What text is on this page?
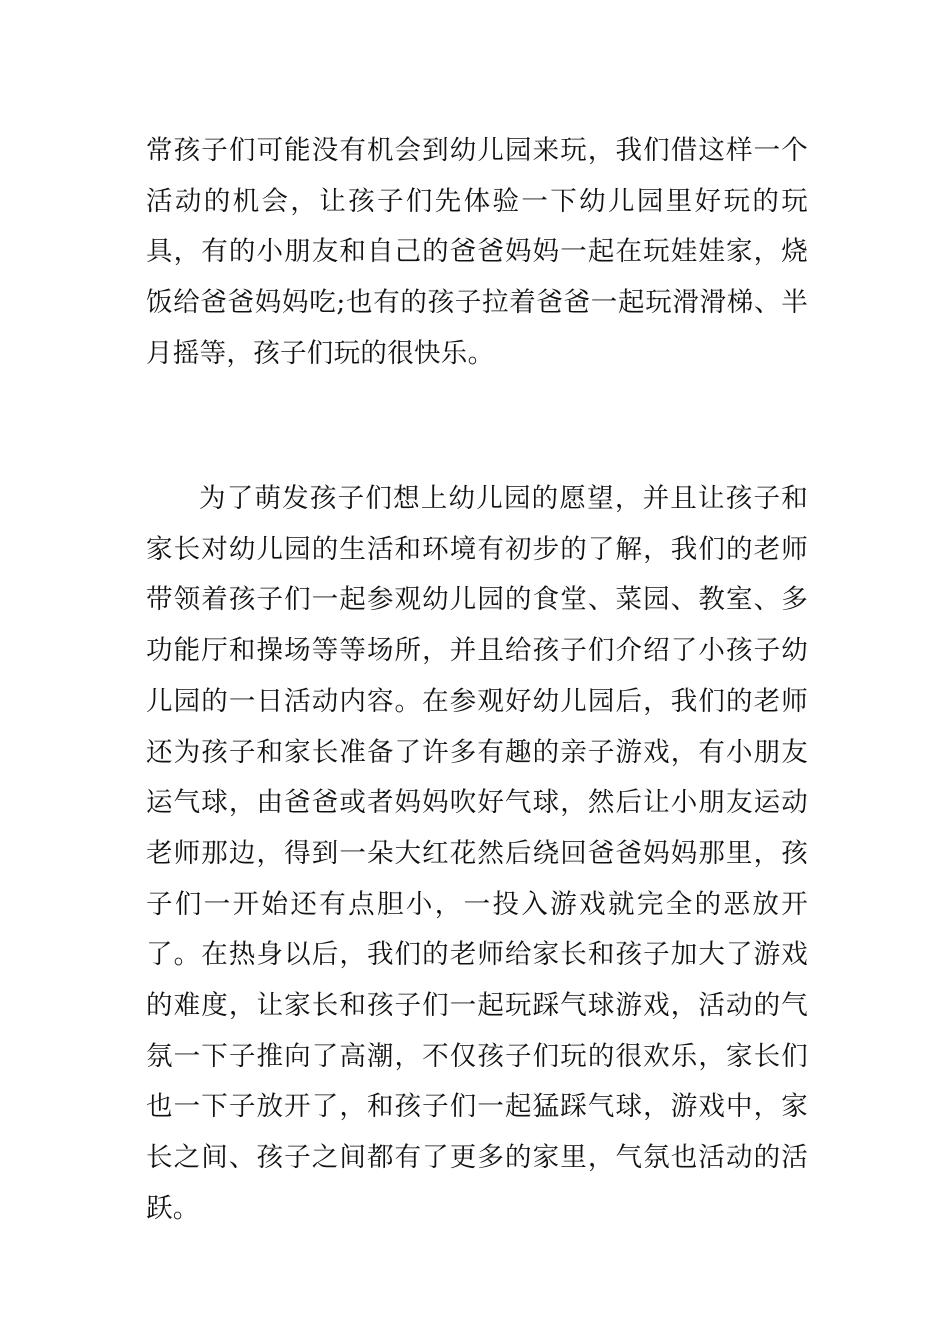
常孩子们可能没有机会到幼儿园来玩，我们借这样一个活动的机会，让孩子们先体验一下幼儿园里好玩的玩具，有的小朋友和自己的爸爸妈妈一起在玩娃娃家，烧饭给爸爸妈妈吃;也有的孩子拉着爸爸一起玩滑滑梯、半月摇等，孩子们玩的很快乐。

为了萌发孩子们想上幼儿园的愿望，并且让孩子和家长对幼儿园的生活和环境有初步的了解，我们的老师带领着孩子们一起参观幼儿园的食堂、菜园、教室、多功能厅和操场等等场所，并且给孩子们介绍了小孩子幼儿园的一日活动内容。在参观好幼儿园后，我们的老师还为孩子和家长准备了许多有趣的亲子游戏，有小朋友运气球，由爸爸或者妈妈吹好气球，然后让小朋友运动老师那边，得到一朵大红花然后绕回爸爸妈妈那里，孩子们一开始还有点胆小，一投入游戏就完全的恶放开了。在热身以后，我们的老师给家长和孩子加大了游戏的难度，让家长和孩子们一起玩踩气球游戏，活动的气氛一下子推向了高潮，不仅孩子们玩的很欢乐，家长们也一下子放开了，和孩子们一起猛踩气球，游戏中，家长之间、孩子之间都有了更多的家里，气氛也活动的活跃。
